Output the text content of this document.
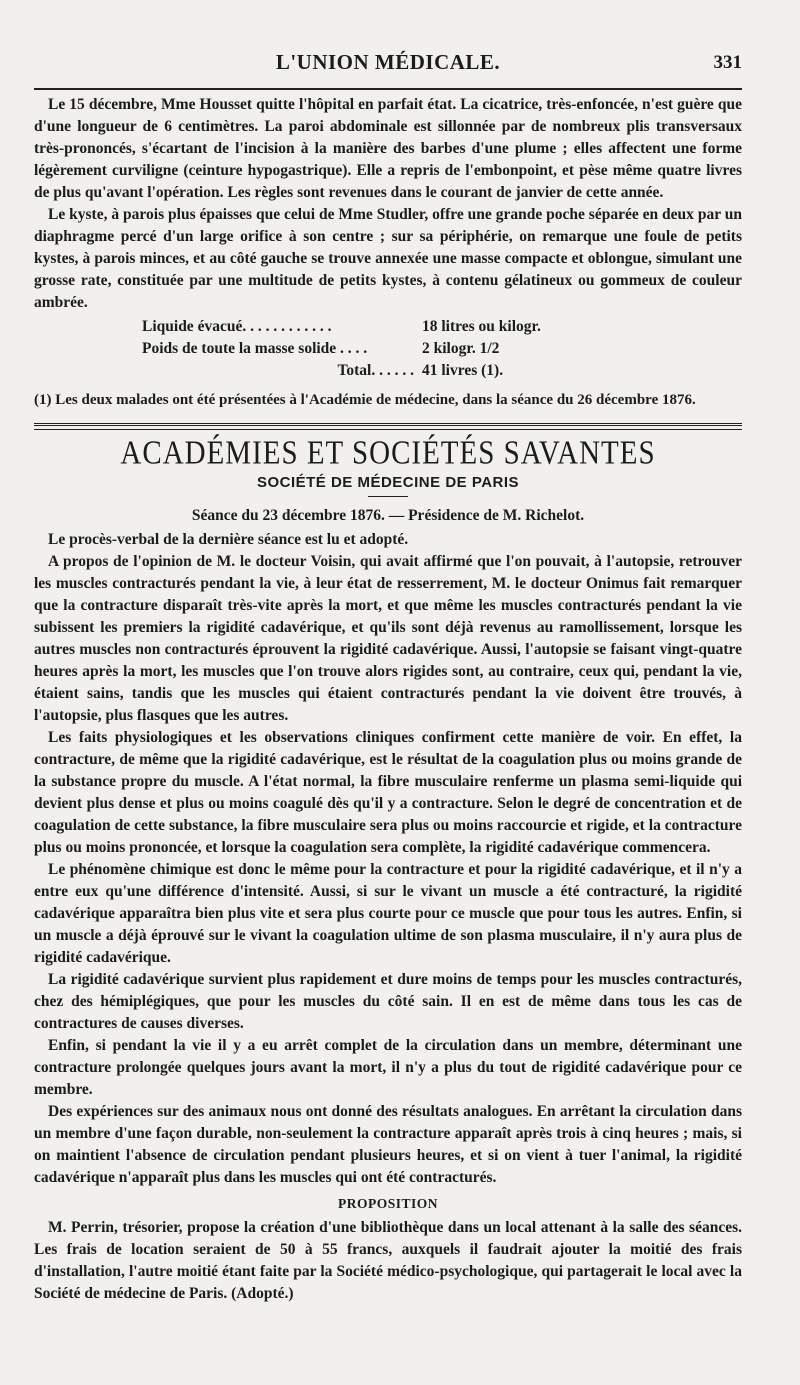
L'UNION MÉDICALE.	331

Le 15 décembre, Mme Housset quitte l'hôpital en parfait état. La cicatrice, très-enfoncée, n'est guère que d'une longueur de 6 centimètres. La paroi abdominale est sillonnée par de nombreux plis transversaux très-prononcés, s'écartant de l'incision à la manière des barbes d'une plume ; elles affectent une forme légèrement curviligne (ceinture hypogastrique). Elle a repris de l'embonpoint, et pèse même quatre livres de plus qu'avant l'opération. Les règles sont revenues dans le courant de janvier de cette année.

Le kyste, à parois plus épaisses que celui de Mme Studler, offre une grande poche séparée en deux par un diaphragme percé d'un large orifice à son centre ; sur sa périphérie, on remarque une foule de petits kystes, à parois minces, et au côté gauche se trouve annexée une masse compacte et oblongue, simulant une grosse rate, constituée par une multitude de petits kystes, à contenu gélatineux ou gommeux de couleur ambrée.

Liquide évacué. . . . . . . . . . . .	18 litres ou kilogr.
Poids de toute la masse solide . . . .	2 kilogr. 1/2
Total. . . . . . 41 livres (1).
(1) Les deux malades ont été présentées à l'Académie de médecine, dans la séance du 26 décembre 1876.
ACADÉMIES ET SOCIÉTÉS SAVANTES
SOCIÉTÉ DE MÉDECINE DE PARIS
Séance du 23 décembre 1876. — Présidence de M. Richelot.

Le procès-verbal de la dernière séance est lu et adopté.

A propos de l'opinion de M. le docteur Voisin, qui avait affirmé que l'on pouvait, à l'autopsie, retrouver les muscles contracturés pendant la vie, à leur état de resserrement, M. le docteur Onimus fait remarquer que la contracture disparaît très-vite après la mort, et que même les muscles contracturés pendant la vie subissent les premiers la rigidité cadavérique, et qu'ils sont déjà revenus au ramollissement, lorsque les autres muscles non contracturés éprouvent la rigidité cadavérique. Aussi, l'autopsie se faisant vingt-quatre heures après la mort, les muscles que l'on trouve alors rigides sont, au contraire, ceux qui, pendant la vie, étaient sains, tandis que les muscles qui étaient contracturés pendant la vie doivent être trouvés, à l'autopsie, plus flasques que les autres.

Les faits physiologiques et les observations cliniques confirment cette manière de voir. En effet, la contracture, de même que la rigidité cadavérique, est le résultat de la coagulation plus ou moins grande de la substance propre du muscle. A l'état normal, la fibre musculaire renferme un plasma semi-liquide qui devient plus dense et plus ou moins coagulé dès qu'il y a contracture. Selon le degré de concentration et de coagulation de cette substance, la fibre musculaire sera plus ou moins raccourcie et rigide, et la contracture plus ou moins prononcée, et lorsque la coagulation sera complète, la rigidité cadavérique commencera.

Le phénomène chimique est donc le même pour la contracture et pour la rigidité cadavérique, et il n'y a entre eux qu'une différence d'intensité. Aussi, si sur le vivant un muscle a été contracturé, la rigidité cadavérique apparaîtra bien plus vite et sera plus courte pour ce muscle que pour tous les autres. Enfin, si un muscle a déjà éprouvé sur le vivant la coagulation ultime de son plasma musculaire, il n'y aura plus de rigidité cadavérique.

La rigidité cadavérique survient plus rapidement et dure moins de temps pour les muscles contracturés, chez des hémiplégiques, que pour les muscles du côté sain. Il en est de même dans tous les cas de contractures de causes diverses.

Enfin, si pendant la vie il y a eu arrêt complet de la circulation dans un membre, déterminant une contracture prolongée quelques jours avant la mort, il n'y a plus du tout de rigidité cadavérique pour ce membre.

Des expériences sur des animaux nous ont donné des résultats analogues. En arrêtant la circulation dans un membre d'une façon durable, non-seulement la contracture apparaît après trois à cinq heures ; mais, si on maintient l'absence de circulation pendant plusieurs heures, et si on vient à tuer l'animal, la rigidité cadavérique n'apparaît plus dans les muscles qui ont été contracturés.

PROPOSITION

M. Perrin, trésorier, propose la création d'une bibliothèque dans un local attenant à la salle des séances. Les frais de location seraient de 50 à 55 francs, auxquels il faudrait ajouter la moitié des frais d'installation, l'autre moitié étant faite par la Société médico-psychologique, qui partagerait le local avec la Société de médecine de Paris. (Adopté.)
